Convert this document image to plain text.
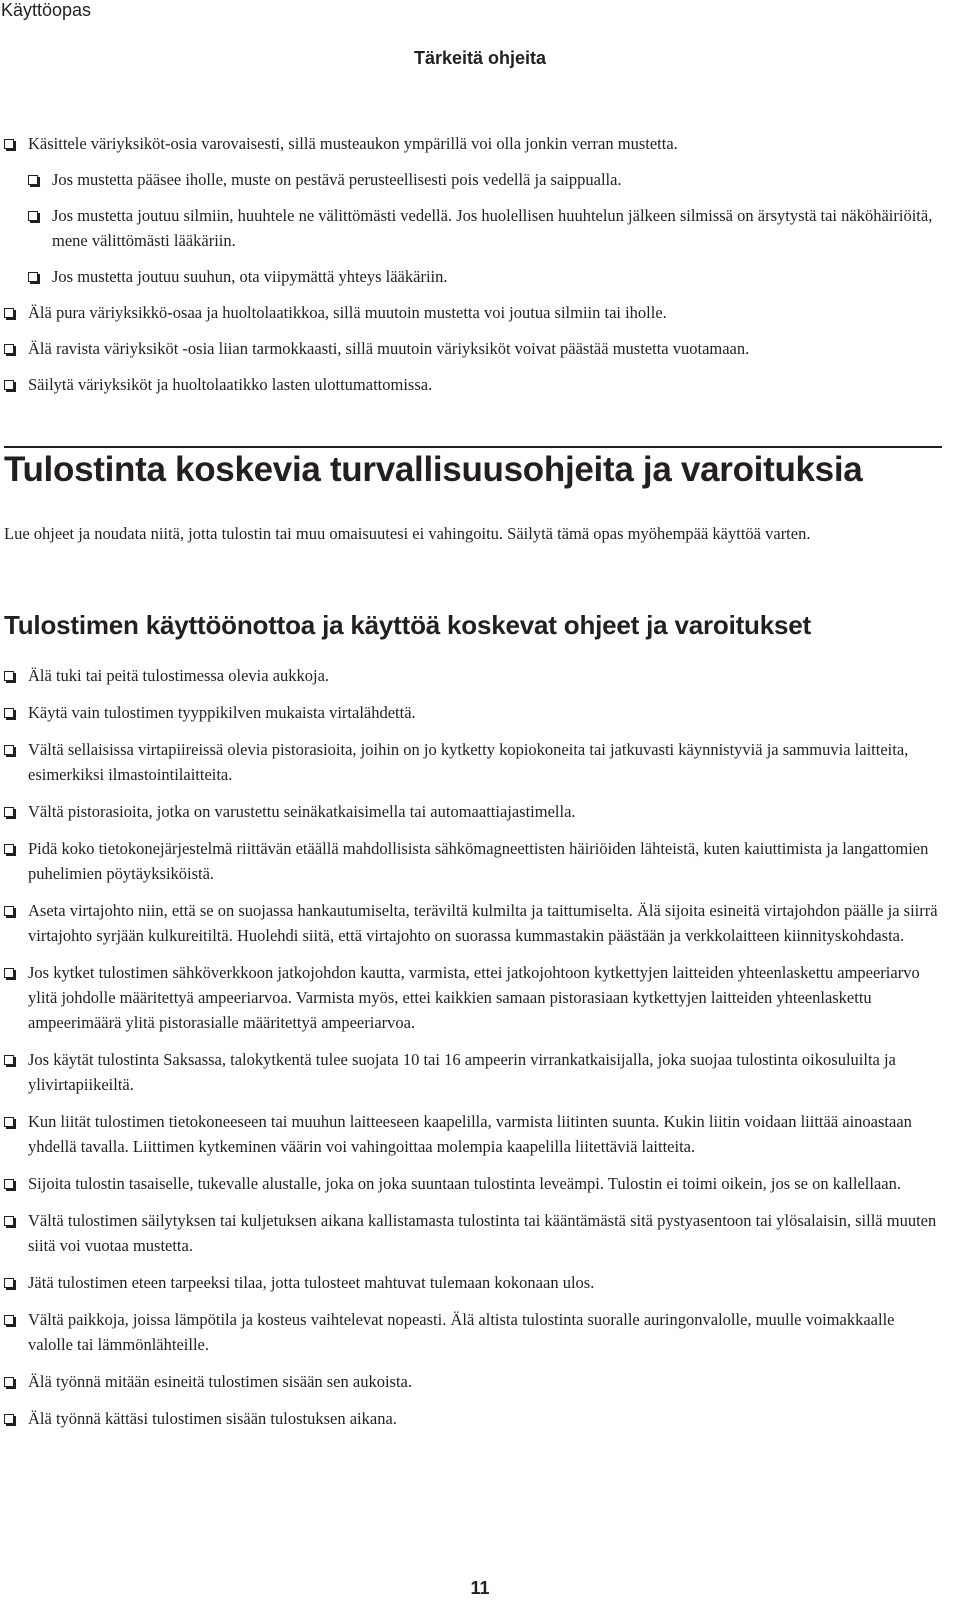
Käyttöopas
Tärkeitä ohjeita
Käsittele väriyksiköt-osia varovaisesti, sillä musteaukon ympärillä voi olla jonkin verran mustetta.
Jos mustetta pääsee iholle, muste on pestävä perusteellisesti pois vedellä ja saippualla.
Jos mustetta joutuu silmiin, huuhtele ne välittömästi vedellä. Jos huolellisen huuhtelun jälkeen silmissä on ärsytystä tai näköhäiriöitä, mene välittömästi lääkäriin.
Jos mustetta joutuu suuhun, ota viipymättä yhteys lääkäriin.
Älä pura väriyksikkö-osaa ja huoltolaatikkoa, sillä muutoin mustetta voi joutua silmiin tai iholle.
Älä ravista väriyksiköt -osia liian tarmokkaasti, sillä muutoin väriyksiköt voivat päästää mustetta vuotamaan.
Säilytä väriyksiköt ja huoltolaatikko lasten ulottumattomissa.
Tulostinta koskevia turvallisuusohjeita ja varoituksia

Lue ohjeet ja noudata niitä, jotta tulostin tai muu omaisuutesi ei vahingoitu. Säilytä tämä opas myöhempää käyttöä varten.

Tulostimen käyttöönottoa ja käyttöä koskevat ohjeet ja varoitukset
Älä tuki tai peitä tulostimessa olevia aukkoja.
Käytä vain tulostimen tyyppikilven mukaista virtalähdettä.
Vältä sellaisissa virtapiireissä olevia pistorasioita, joihin on jo kytketty kopiokoneita tai jatkuvasti käynnistyviä ja sammuvia laitteita, esimerkiksi ilmastointilaitteita.
Vältä pistorasioita, jotka on varustettu seinäkatkaisimella tai automaattiajastimella.
Pidä koko tietokonejärjestelmä riittävän etäällä mahdollisista sähkömagneettisten häiriöiden lähteistä, kuten kaiuttimista ja langattomien puhelimien pöytäyksiköistä.
Aseta virtajohto niin, että se on suojassa hankautumiselta, teräviltä kulmilta ja taittumiselta. Älä sijoita esineitä virtajohdon päälle ja siirrä virtajohto syrjään kulkureitiltä. Huolehdi siitä, että virtajohto on suorassa kummastakin päästään ja verkkolaitteen kiinnityskohdasta.
Jos kytket tulostimen sähköverkkoon jatkojohdon kautta, varmista, ettei jatkojohtoon kytkettyjen laitteiden yhteenlaskettu ampeeriarvo ylitä johdolle määritettyä ampeeriarvoa. Varmista myös, ettei kaikkien samaan pistorasiaan kytkettyjen laitteiden yhteenlaskettu ampeerimäärä ylitä pistorasialle määritettyä ampeeriarvoa.
Jos käytät tulostinta Saksassa, talokytkentä tulee suojata 10 tai 16 ampeerin virrankatkaisijalla, joka suojaa tulostinta oikosuluilta ja ylivirtapiikeiltä.
Kun liität tulostimen tietokoneeseen tai muuhun laitteeseen kaapelilla, varmista liitinten suunta. Kukin liitin voidaan liittää ainoastaan yhdellä tavalla. Liittimen kytkeminen väärin voi vahingoittaa molempia kaapelilla liitettäviä laitteita.
Sijoita tulostin tasaiselle, tukevalle alustalle, joka on joka suuntaan tulostinta leveämpi. Tulostin ei toimi oikein, jos se on kallellaan.
Vältä tulostimen säilytyksen tai kuljetuksen aikana kallistamasta tulostinta tai kääntämästä sitä pystyasentoon tai ylösalaisin, sillä muuten siitä voi vuotaa mustetta.
Jätä tulostimen eteen tarpeeksi tilaa, jotta tulosteet mahtuvat tulemaan kokonaan ulos.
Vältä paikkoja, joissa lämpötila ja kosteus vaihtelevat nopeasti. Älä altista tulostinta suoralle auringonvalolle, muulle voimakkaalle valolle tai lämmönlähteille.
Älä työnnä mitään esineitä tulostimen sisään sen aukoista.
Älä työnnä kättäsi tulostimen sisään tulostuksen aikana.
11
